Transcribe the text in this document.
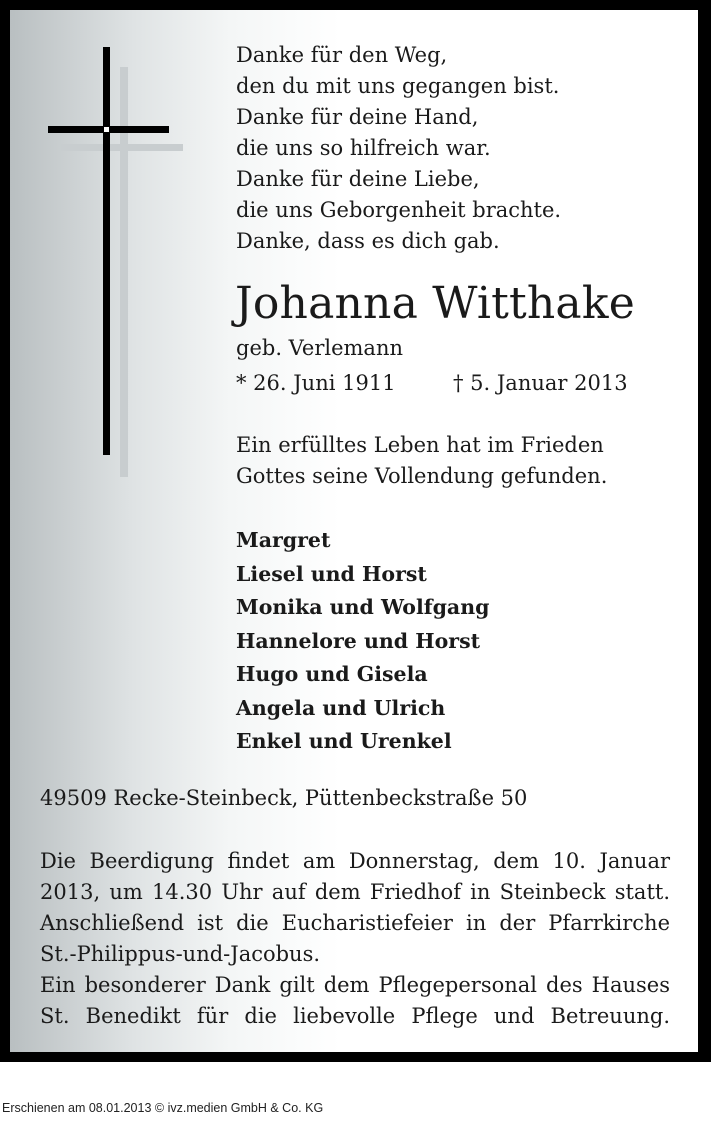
Danke für den Weg,
den du mit uns gegangen bist.
Danke für deine Hand,
die uns so hilfreich war.
Danke für deine Liebe,
die uns Geborgenheit brachte.
Danke, dass es dich gab.
Johanna Witthake
geb. Verlemann
* 26. Juni 1911	† 5. Januar 2013
Ein erfülltes Leben hat im Frieden
Gottes seine Vollendung gefunden.
Margret
Liesel und Horst
Monika und Wolfgang
Hannelore und Horst
Hugo und Gisela
Angela und Ulrich
Enkel und Urenkel
49509 Recke-Steinbeck, Püttenbeckstraße 50

Die Beerdigung findet am Donnerstag, dem 10. Januar

2013, um 14.30 Uhr auf dem Friedhof in Steinbeck statt.

Anschließend ist die Eucharistiefeier in der Pfarrkirche

St.-Philippus-und-Jacobus.

Ein besonderer Dank gilt dem Pflegepersonal des Hauses

St. Benedikt für die liebevolle Pflege und Betreuung.

Erschienen am 08.01.2013 © ivz.medien GmbH & Co. KG
